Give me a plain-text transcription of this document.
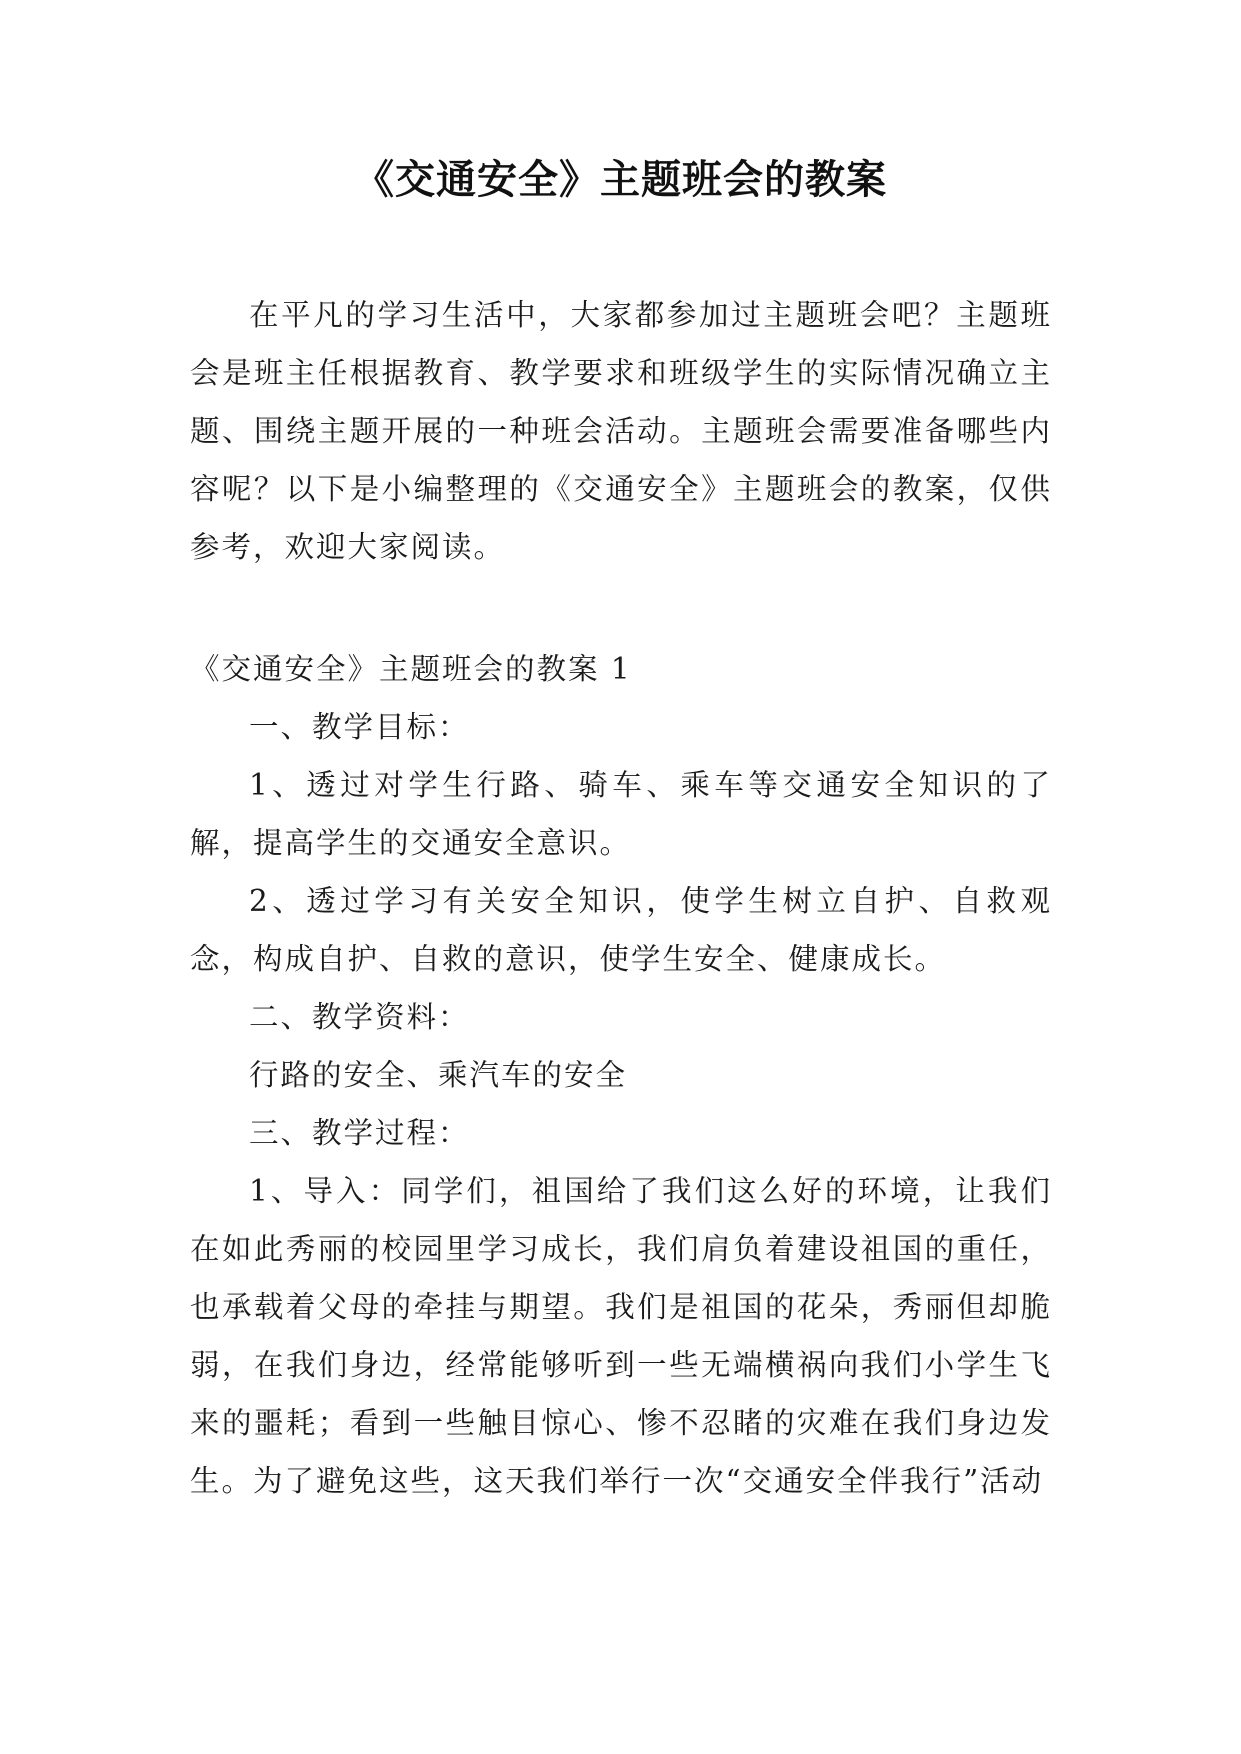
《交通安全》主题班会的教案

在平凡的学习生活中，大家都参加过主题班会吧？主题班会是班主任根据教育、教学要求和班级学生的实际情况确立主题、围绕主题开展的一种班会活动。主题班会需要准备哪些内容呢？以下是小编整理的《交通安全》主题班会的教案，仅供参考，欢迎大家阅读。

《交通安全》主题班会的教案 1

一、教学目标：

1、透过对学生行路、骑车、乘车等交通安全知识的了解，提高学生的交通安全意识。

2、透过学习有关安全知识，使学生树立自护、自救观念，构成自护、自救的意识，使学生安全、健康成长。

二、教学资料：

行路的安全、乘汽车的安全

三、教学过程：

1、导入：同学们，祖国给了我们这么好的环境，让我们在如此秀丽的校园里学习成长，我们肩负着建设祖国的重任，也承载着父母的牵挂与期望。我们是祖国的花朵，秀丽但却脆弱，在我们身边，经常能够听到一些无端横祸向我们小学生飞来的噩耗；看到一些触目惊心、惨不忍睹的灾难在我们身边发生。为了避免这些，这天我们举行一次“交通安全伴我行”活动
